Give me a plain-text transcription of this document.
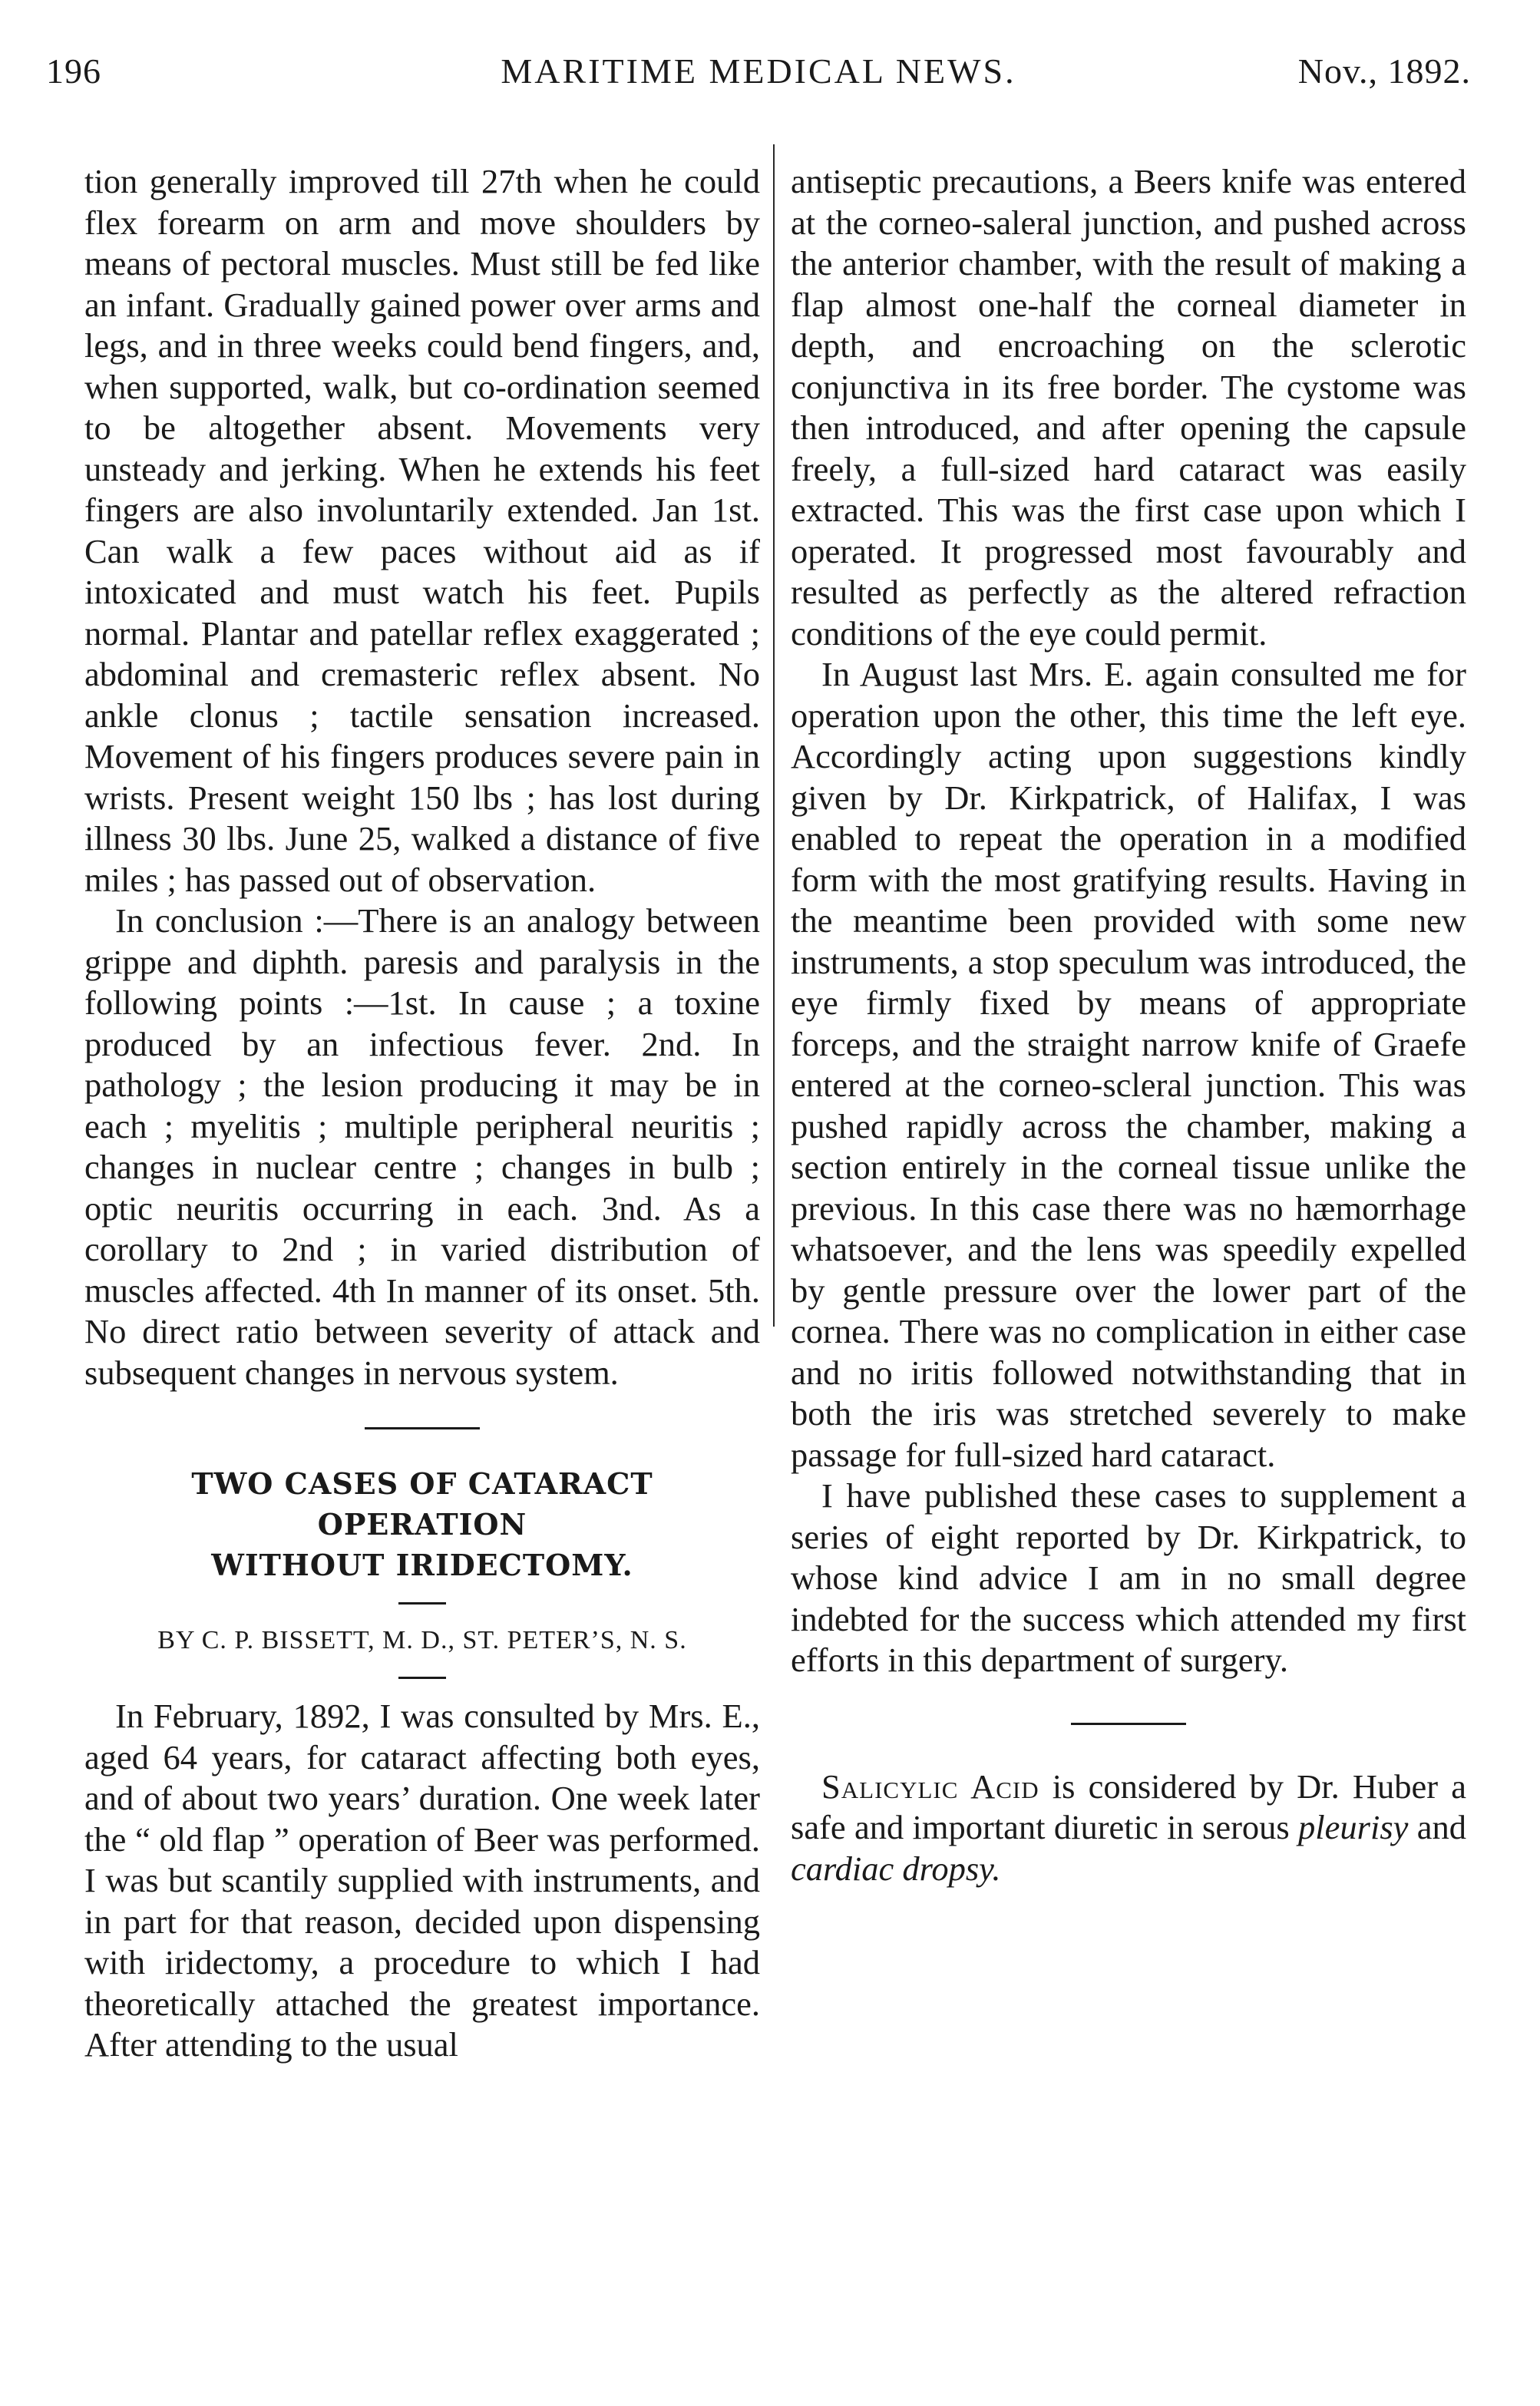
196	MARITIME MEDICAL NEWS.	Nov., 1892.

tion generally improved till 27th when he could flex forearm on arm and move shoulders by means of pectoral muscles. Must still be fed like an infant. Gradually gained power over arms and legs, and in three weeks could bend fingers, and, when supported, walk, but co-ordination seemed to be altogether absent. Movements very unsteady and jerking. When he extends his feet fingers are also involuntarily extended. Jan 1st. Can walk a few paces without aid as if intoxicated and must watch his feet. Pupils normal. Plantar and patellar reflex exaggerated ; abdominal and cremasteric reflex absent. No ankle clonus ; tactile sensation increased. Movement of his fingers produces severe pain in wrists. Present weight 150 lbs ; has lost during illness 30 lbs. June 25, walked a distance of five miles ; has passed out of observation.

In conclusion :—There is an analogy between grippe and diphth. paresis and paralysis in the following points :—1st. In cause ; a toxine produced by an infectious fever. 2nd. In pathology ; the lesion producing it may be in each ; myelitis ; multiple peripheral neuritis ; changes in nuclear centre ; changes in bulb ; optic neuritis occurring in each. 3nd. As a corollary to 2nd ; in varied distribution of muscles affected. 4th In manner of its onset. 5th. No direct ratio between severity of attack and subsequent changes in nervous system.

TWO CASES OF CATARACT OPERATION

WITHOUT IRIDECTOMY.

BY C. P. BISSETT, M. D., ST. PETER’S, N. S.

In February, 1892, I was consulted by Mrs. E., aged 64 years, for cataract affecting both eyes, and of about two years’ duration. One week later the “ old flap ” operation of Beer was performed. I was but scantily supplied with instruments, and in part for that reason, decided upon dispensing with iridectomy, a procedure to which I had theoretically attached the greatest importance. After attending to the usual

antiseptic precautions, a Beers knife was entered at the corneo-saleral junction, and pushed across the anterior chamber, with the result of making a flap almost one-half the corneal diameter in depth, and encroaching on the sclerotic conjunctiva in its free border. The cystome was then introduced, and after opening the capsule freely, a full-sized hard cataract was easily extracted. This was the first case upon which I operated. It progressed most favourably and resulted as perfectly as the altered refraction conditions of the eye could permit.

In August last Mrs. E. again consulted me for operation upon the other, this time the left eye. Accordingly acting upon suggestions kindly given by Dr. Kirkpatrick, of Halifax, I was enabled to repeat the operation in a modified form with the most gratifying results. Having in the meantime been provided with some new instruments, a stop speculum was introduced, the eye firmly fixed by means of appropriate forceps, and the straight narrow knife of Graefe entered at the corneo-scleral junction. This was pushed rapidly across the chamber, making a section entirely in the corneal tissue unlike the previous. In this case there was no hæmorrhage whatsoever, and the lens was speedily expelled by gentle pressure over the lower part of the cornea. There was no complication in either case and no iritis followed notwithstanding that in both the iris was stretched severely to make passage for full-sized hard cataract.

I have published these cases to supplement a series of eight reported by Dr. Kirkpatrick, to whose kind advice I am in no small degree indebted for the success which attended my first efforts in this department of surgery.

Salicylic Acid is considered by Dr. Huber a safe and important diuretic in serous pleurisy and cardiac dropsy.
